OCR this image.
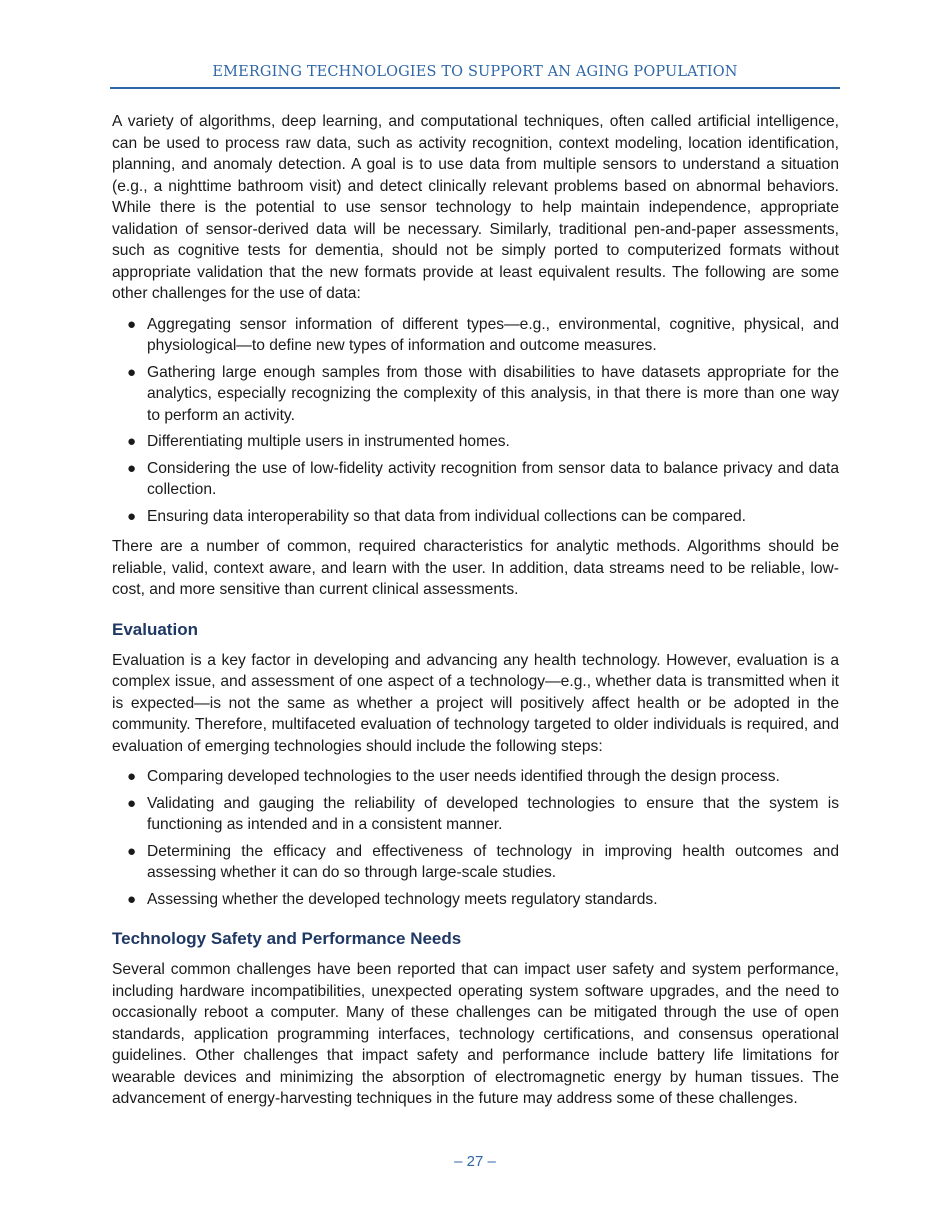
EMERGING TECHNOLOGIES TO SUPPORT AN AGING POPULATION

A variety of algorithms, deep learning, and computational techniques, often called artificial intelligence, can be used to process raw data, such as activity recognition, context modeling, location identification, planning, and anomaly detection. A goal is to use data from multiple sensors to understand a situation (e.g., a nighttime bathroom visit) and detect clinically relevant problems based on abnormal behaviors. While there is the potential to use sensor technology to help maintain independence, appropriate validation of sensor-derived data will be necessary. Similarly, traditional pen-and-paper assessments, such as cognitive tests for dementia, should not be simply ported to computerized formats without appropriate validation that the new formats provide at least equivalent results. The following are some other challenges for the use of data:

● Aggregating sensor information of different types—e.g., environmental, cognitive, physical, and physiological—to define new types of information and outcome measures.
● Gathering large enough samples from those with disabilities to have datasets appropriate for the analytics, especially recognizing the complexity of this analysis, in that there is more than one way to perform an activity.
● Differentiating multiple users in instrumented homes.
● Considering the use of low-fidelity activity recognition from sensor data to balance privacy and data collection.
● Ensuring data interoperability so that data from individual collections can be compared.

There are a number of common, required characteristics for analytic methods. Algorithms should be reliable, valid, context aware, and learn with the user. In addition, data streams need to be reliable, low-cost, and more sensitive than current clinical assessments.

Evaluation

Evaluation is a key factor in developing and advancing any health technology. However, evaluation is a complex issue, and assessment of one aspect of a technology—e.g., whether data is transmitted when it is expected—is not the same as whether a project will positively affect health or be adopted in the community. Therefore, multifaceted evaluation of technology targeted to older individuals is required, and evaluation of emerging technologies should include the following steps:

● Comparing developed technologies to the user needs identified through the design process.
● Validating and gauging the reliability of developed technologies to ensure that the system is functioning as intended and in a consistent manner.
● Determining the efficacy and effectiveness of technology in improving health outcomes and assessing whether it can do so through large-scale studies.
● Assessing whether the developed technology meets regulatory standards.
Technology Safety and Performance Needs

Several common challenges have been reported that can impact user safety and system performance, including hardware incompatibilities, unexpected operating system software upgrades, and the need to occasionally reboot a computer. Many of these challenges can be mitigated through the use of open standards, application programming interfaces, technology certifications, and consensus operational guidelines. Other challenges that impact safety and performance include battery life limitations for wearable devices and minimizing the absorption of electromagnetic energy by human tissues. The advancement of energy-harvesting techniques in the future may address some of these challenges.

– 27 –
